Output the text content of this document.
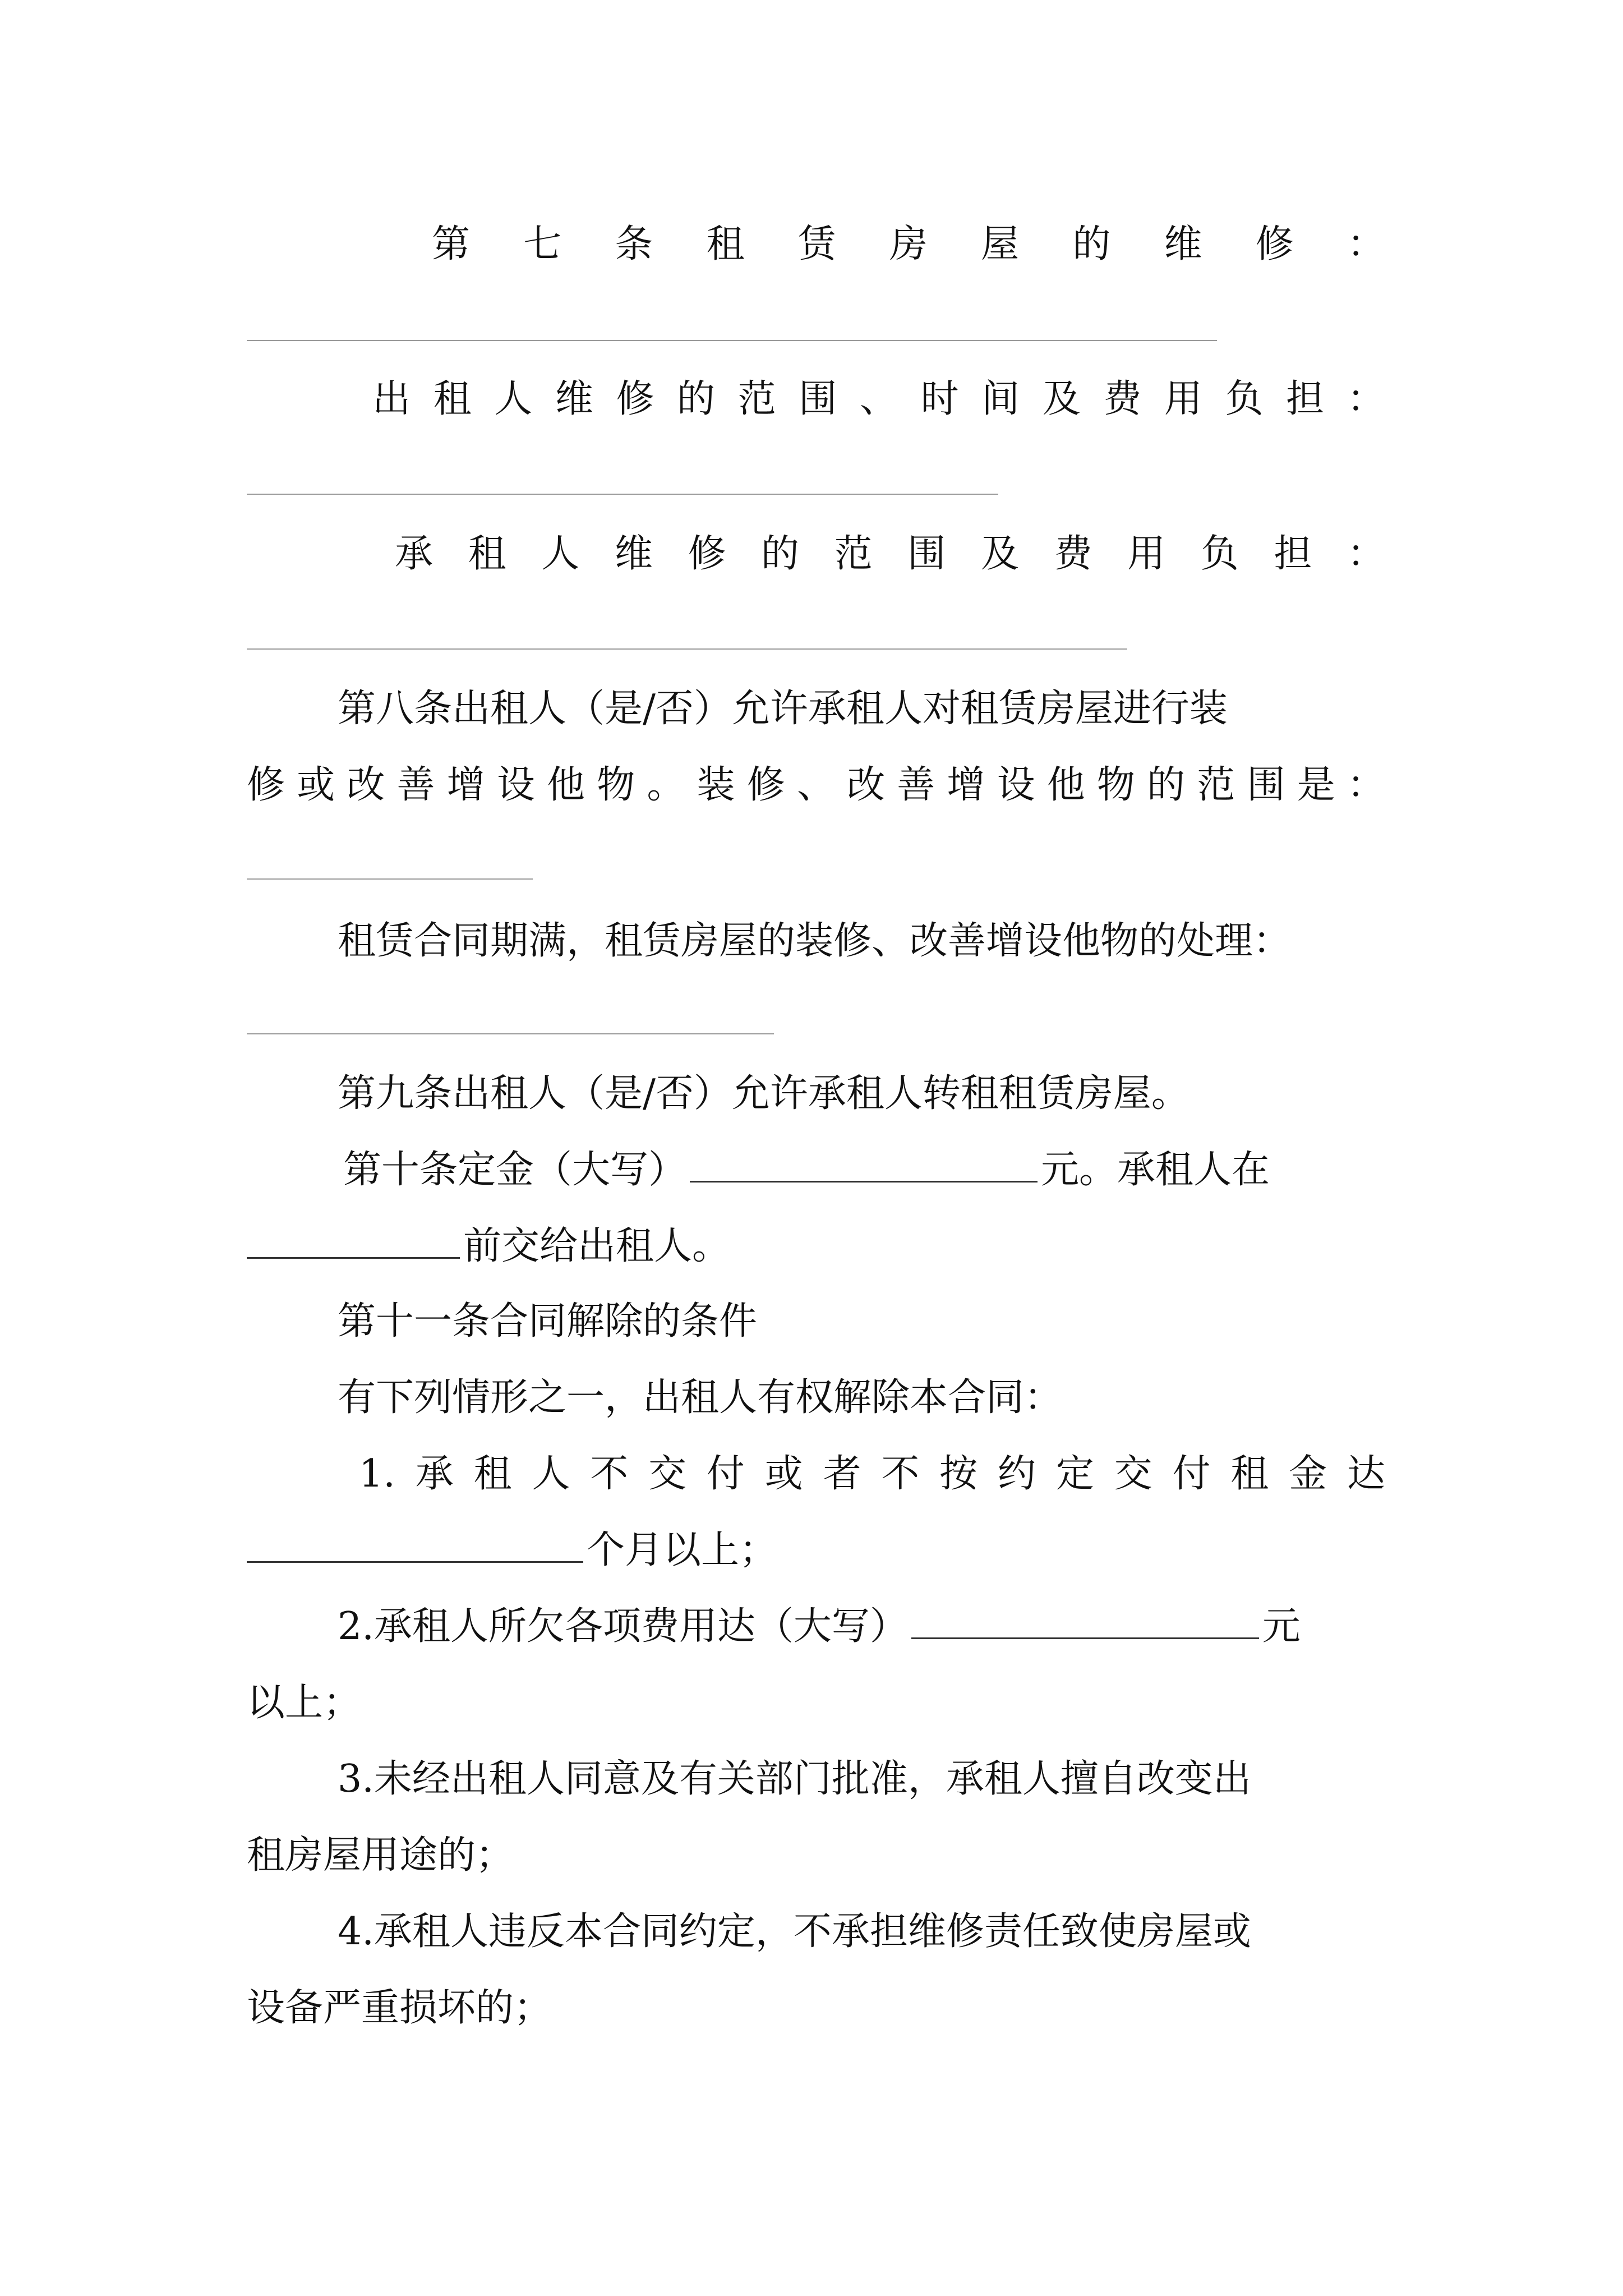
第 七 条 租 赁 房 屋 的 维 修 ：
出 租 人 维 修 的 范 围 、 时 间 及 费 用 负 担 ：
承 租 人 维 修 的 范 围 及 费 用 负 担 ：
第八条出租人（是/否）允许承租人对租赁房屋进行装
修 或 改 善 增 设 他 物 。 装 修 、 改 善 增 设 他 物 的 范 围 是 ：
租赁合同期满，租赁房屋的装修、改善增设他物的处理：
第九条出租人（是/否）允许承租人转租租赁房屋。
第十条定金（大写）	元。承租人在
前交给出租人。
第十一条合同解除的条件
有下列情形之一，出租人有权解除本合同：
1. 承 租 人 不 交 付 或 者 不 按 约 定 交 付 租 金 达
个月以上；
2.承租人所欠各项费用达（大写）	元
以上；
3.未经出租人同意及有关部门批准，承租人擅自改变出
租房屋用途的；
4.承租人违反本合同约定，不承担维修责任致使房屋或
设备严重损坏的；
